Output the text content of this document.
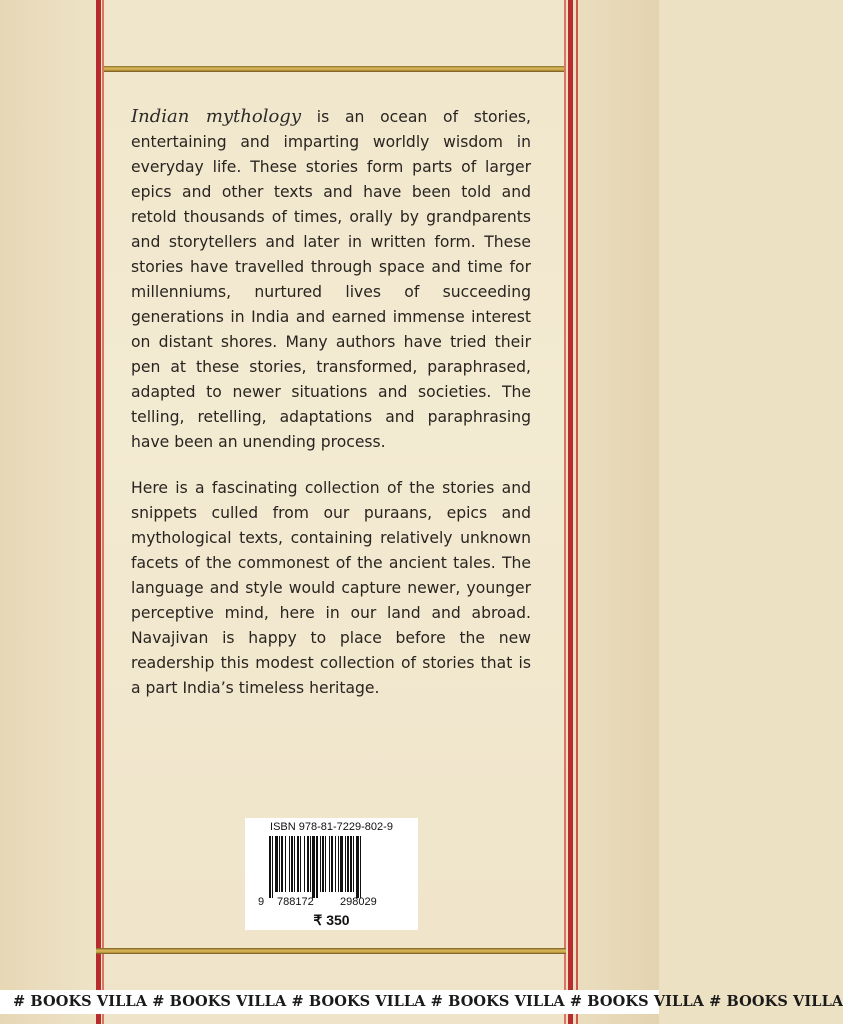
Indian mythology is an ocean of stories, entertaining and imparting worldly wisdom in everyday life. These stories form parts of larger epics and other texts and have been told and retold thousands of times, orally by grandparents and storytellers and later in written form. These stories have travelled through space and time for millenniums, nurtured lives of succeeding generations in India and earned immense interest on distant shores. Many authors have tried their pen at these stories, transformed, paraphrased, adapted to newer situations and societies. The telling, retelling, adaptations and paraphrasing have been an unending process.

Here is a fascinating collection of the stories and snippets culled from our puraans, epics and mythological texts, containing relatively unknown facets of the commonest of the ancient tales. The language and style would capture newer, younger perceptive mind, here in our land and abroad. Navajivan is happy to place before the new readership this modest collection of stories that is a part India’s timeless heritage.

ISBN 978-81-7229-802-9
9 788172 298029
₹ 350
# BOOKS VILLA # BOOKS VILLA # BOOKS VILLA # BOOKS VILLA # BOOKS VILLA # BOOKS VILLA
